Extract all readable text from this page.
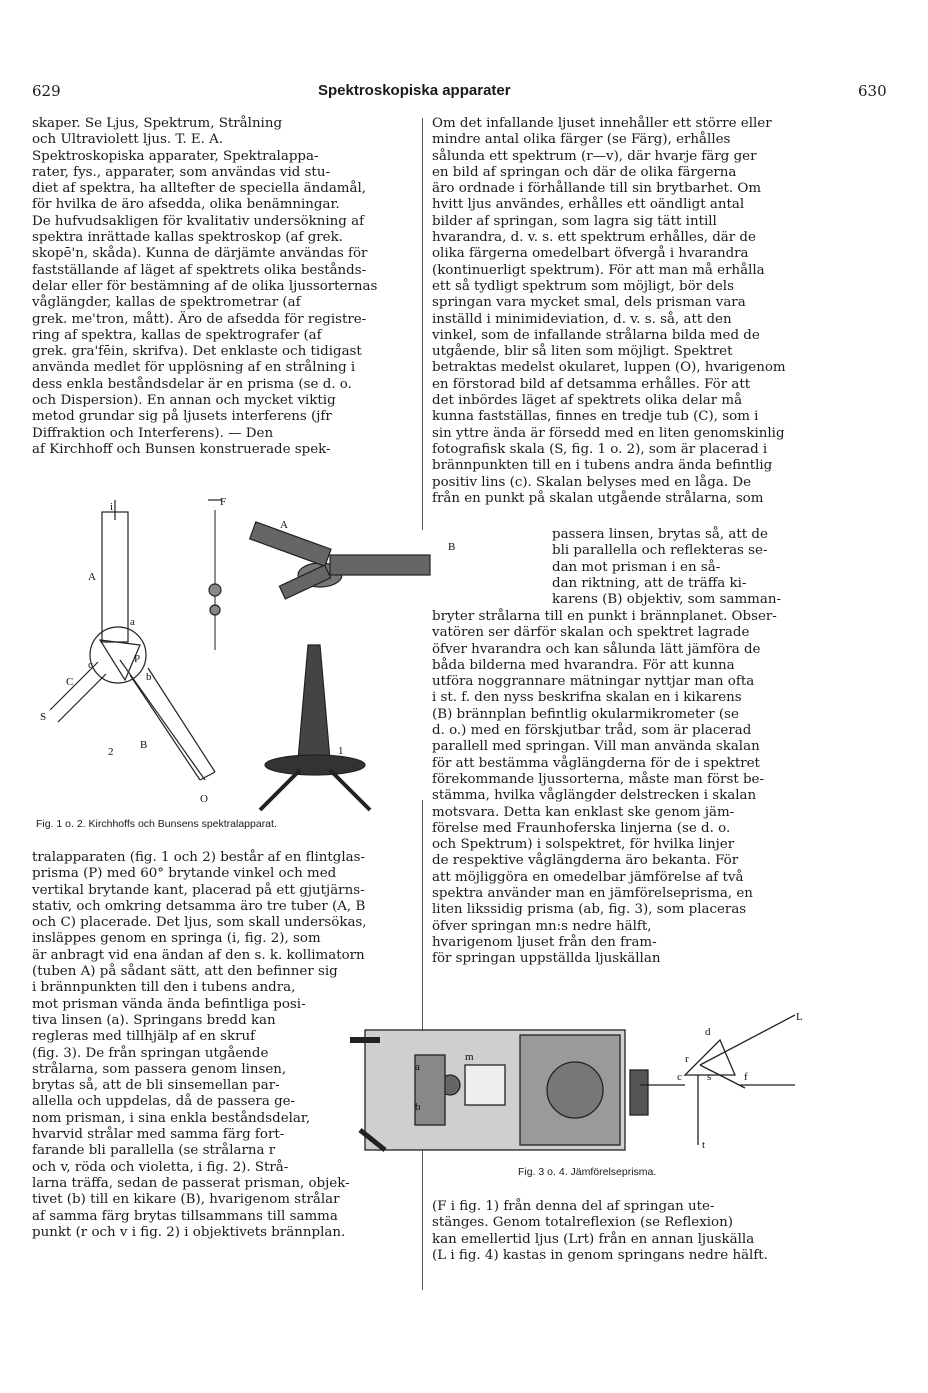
629	Spektroskopiska apparater	630
skaper. Se Ljus, Spektrum, Strålning
och Ultraviolett ljus. T. E. A.
Spektroskopiska apparater, Spektralappa-
rater, fys., apparater, som användas vid stu-
diet af spektra, ha alltefter de speciella ändamål,
för hvilka de äro afsedda, olika benämningar.
De hufvudsakligen för kvalitativ undersökning af
spektra inrättade kallas spektroskop (af grek.
skopē'n, skåda). Kunna de därjämte användas för
fastställande af läget af spektrets olika bestånds-
delar eller för bestämning af de olika ljussorternas
våglängder, kallas de spektrometrar (af
grek. me'tron, mått). Äro de afsedda för registre-
ring af spektra, kallas de spektrografer (af
grek. gra'fēin, skrifva). Det enklaste och tidigast
använda medlet för upplösning af en strålning i
dess enkla beståndsdelar är en prisma (se d. o.
och Dispersion). En annan och mycket viktig
metod grundar sig på ljusets interferens (jfr
Diffraktion och Interferens). — Den
af Kirchhoff och Bunsen konstruerade spek-
i
A
a
P
b
c
C
S
2
B
O
F
A
B
1
Fig. 1 o. 2. Kirchhoffs och Bunsens spektralapparat.
tralapparaten (fig. 1 och 2) består af en flintglas-
prisma (P) med 60° brytande vinkel och med
vertikal brytande kant, placerad på ett gjutjärns-
stativ, och omkring detsamma äro tre tuber (A, B
och C) placerade. Det ljus, som skall undersökas,
insläppes genom en springa (i, fig. 2), som
är anbragt vid ena ändan af den s. k. kollimatorn
(tuben A) på sådant sätt, att den befinner sig
i brännpunkten till den i tubens andra,
mot prisman vända ända befintliga posi-
tiva linsen (a). Springans bredd kan
regleras med tillhjälp af en skruf
(fig. 3). De från springan utgående
strålarna, som passera genom linsen,
brytas så, att de bli sinsemellan par-
allella och uppdelas, då de passera ge-
nom prisman, i sina enkla beståndsdelar,
hvarvid strålar med samma färg fort-
farande bli parallella (se strålarna r
och v, röda och violetta, i fig. 2). Strå-
larna träffa, sedan de passerat prisman, objek-
tivet (b) till en kikare (B), hvarigenom strålar
af samma färg brytas tillsammans till samma
punkt (r och v i fig. 2) i objektivets brännplan.
Om det infallande ljuset innehåller ett större eller
mindre antal olika färger (se Färg), erhålles
sålunda ett spektrum (r—v), där hvarje färg ger
en bild af springan och där de olika färgerna
äro ordnade i förhållande till sin brytbarhet. Om
hvitt ljus användes, erhålles ett oändligt antal
bilder af springan, som lagra sig tätt intill
hvarandra, d. v. s. ett spektrum erhålles, där de
olika färgerna omedelbart öfvergå i hvarandra
(kontinuerligt spektrum). För att man må erhålla
ett så tydligt spektrum som möjligt, bör dels
springan vara mycket smal, dels prisman vara
inställd i minimideviation, d. v. s. så, att den
vinkel, som de infallande strålarna bilda med de
utgående, blir så liten som möjligt. Spektret
betraktas medelst okularet, luppen (O), hvarigenom
en förstorad bild af detsamma erhålles. För att
det inbördes läget af spektrets olika delar må
kunna fastställas, finnes en tredje tub (C), som i
sin yttre ända är försedd med en liten genomskinlig
fotografisk skala (S, fig. 1 o. 2), som är placerad i
brännpunkten till en i tubens andra ända befintlig
positiv lins (c). Skalan belyses med en låga. De
från en punkt på skalan utgående strålarna, som
passera linsen, brytas så, att de
bli parallella och reflekteras se-
dan mot prisman i en så-
dan riktning, att de träffa ki-
karens (B) objektiv, som samman-
bryter strålarna till en punkt i brännplanet. Obser-
vatören ser därför skalan och spektret lagrade
öfver hvarandra och kan sålunda lätt jämföra de
båda bilderna med hvarandra. För att kunna
utföra noggrannare mätningar nyttjar man ofta
i st. f. den nyss beskrifna skalan en i kikarens
(B) brännplan befintlig okularmikrometer (se
d. o.) med en förskjutbar tråd, som är placerad
parallell med springan. Vill man använda skalan
för att bestämma våglängderna för de i spektret
förekommande ljussorterna, måste man först be-
stämma, hvilka våglängder delstrecken i skalan
motsvara. Detta kan enklast ske genom jäm-
förelse med Fraunhoferska linjerna (se d. o.
och Spektrum) i solspektret, för hvilka linjer
de respektive våglängderna äro bekanta. För
att möjliggöra en omedelbar jämförelse af två
spektra använder man en jämförelseprisma, en
liten likssidig prisma (ab, fig. 3), som placeras
öfver springan mn:s nedre hälft,
hvarigenom ljuset från den fram-
för springan uppställda ljuskällan
m
a
b
L
d
r
c s	f
t
Fig. 3 o. 4. Jämförelseprisma.
(F i fig. 1) från denna del af springan ute-
stänges. Genom totalreflexion (se Reflexion)
kan emellertid ljus (Lrt) från en annan ljuskälla
(L i fig. 4) kastas in genom springans nedre hälft.
